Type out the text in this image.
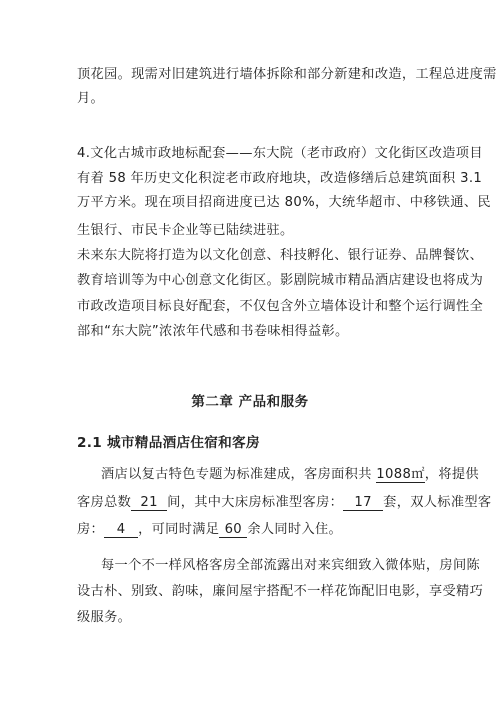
顶花园。现需对旧建筑进行墙体拆除和部分新建和改造，工程总进度需
月。
4.文化古城市政地标配套——东大院（老市政府）文化街区改造项目
有着 58 年历史文化积淀老市政府地块，改造修缮后总建筑面积 3.1
万平方米。现在项目招商进度已达 80%，大统华超市、中移铁通、民
生银行、市民卡企业等已陆续进驻。
未来东大院将打造为以文化创意、科技孵化、银行证券、品牌餐饮、
教育培训等为中心创意文化街区。影剧院城市精品酒店建设也将成为
市政改造项目标良好配套，不仅包含外立墙体设计和整个运行调性全
部和“东大院”浓浓年代感和书卷味相得益彰。
第二章 产品和服务
2.1 城市精品酒店住宿和客房
酒店以复古特色专题为标准建成，客房面积共 1088㎡，将提供
客房总数 21 间，其中大床房标准型客房： 17 套，双人标准型客
房： 4 ，可同时满足 60 余人同时入住。
每一个不一样风格客房全部流露出对来宾细致入微体贴，房间陈
设古朴、别致、韵味，廉间屋宇搭配不一样花饰配旧电影，享受精巧
级服务。
